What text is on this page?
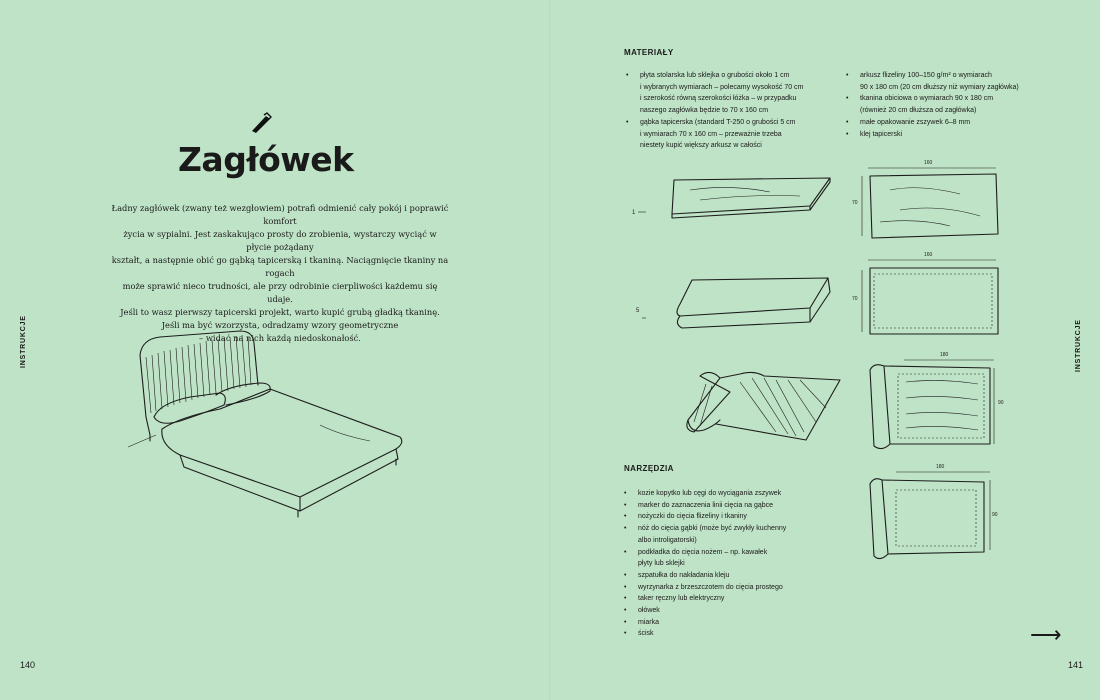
INSTRUKCJE
140
Zagłówek

Ładny zagłówek (zwany też wezgłowiem) potrafi odmienić cały pokój i poprawić komfort

życia w sypialni. Jest zaskakująco prosty do zrobienia, wystarczy wyciąć w płycie pożądany

kształt, a następnie obić go gąbką tapicerską i tkaniną. Naciągnięcie tkaniny na rogach

może sprawić nieco trudności, ale przy odrobinie cierpliwości każdemu się udaje.

Jeśli to wasz pierwszy tapicerski projekt, warto kupić grubą gładką tkaninę.

Jeśli ma być wzorzysta, odradzamy wzory geometryczne

– widać na nich każdą niedoskonałość.	INSTRUKCJE
141
MATERIAŁY
• płyta stolarska lub sklejka o grubości około 1 cm
i wybranych wymiarach – polecamy wysokość 70 cm
i szerokość równą szerokości łóżka – w przypadku
naszego zagłówka będzie to 70 x 160 cm
• gąbka tapicerska (standard T-250 o grubości 5 cm
i wymiarach 70 x 160 cm – przeważnie trzeba
niestety kupić większy arkusz w całości
• arkusz flizeliny 100–150 g/m² o wymiarach
90 x 180 cm (20 cm dłuższy niż wymiary zagłówka)
• tkanina obiciowa o wymiarach 90 x 180 cm
(również 20 cm dłuższa od zagłówka)
• małe opakowanie zszywek 6–8 mm
• klej tapicerski
1
160
70
5
160
70
180
90
180
90
NARZĘDZIA
• kozie kopytko lub cęgi do wyciągania zszywek
• marker do zaznaczenia linii cięcia na gąbce
• nożyczki do cięcia flizeliny i tkaniny
• nóż do cięcia gąbki (może być zwykły kuchenny
albo introligatorski)
• podkładka do cięcia nożem – np. kawałek
płyty lub sklejki
• szpatułka do nakładania kleju
• wyrzynarka z brzeszczotem do cięcia prostego
• taker ręczny lub elektryczny
• ołówek
• miarka
• ścisk	⟶
